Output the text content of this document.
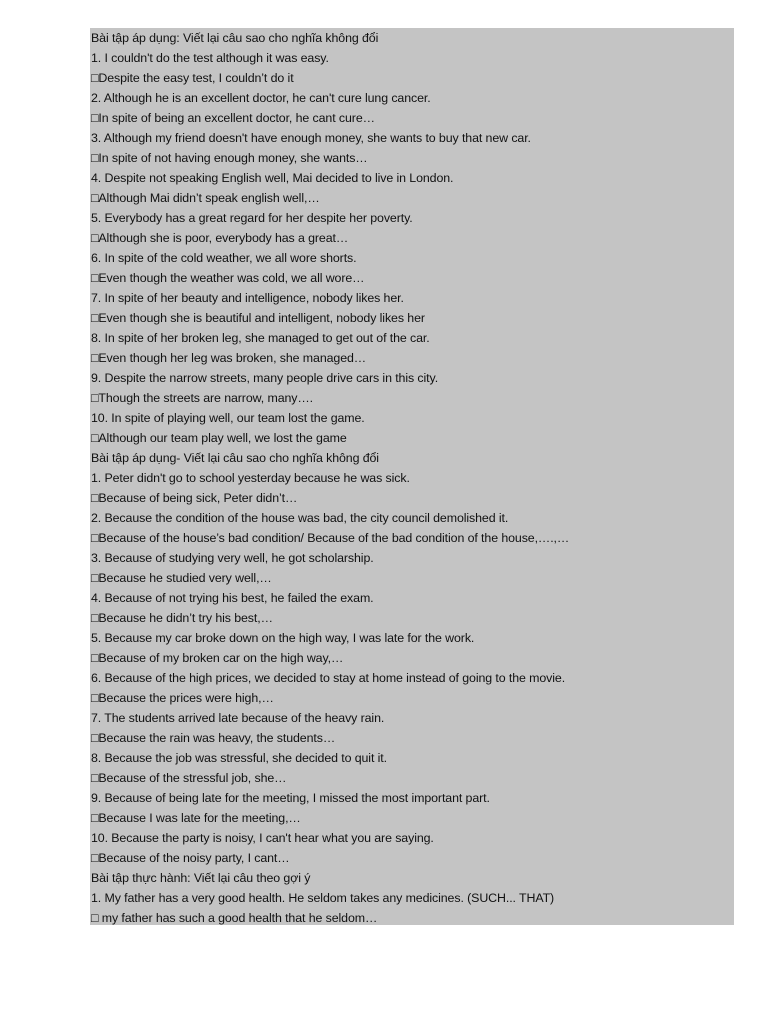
Bài tập áp dụng: Viết lại câu sao cho nghĩa không đổi
1. I couldn't do the test although it was easy.
□Despite the easy test, I couldn’t do it
2. Although he is an excellent doctor, he can't cure lung cancer.
□In spite of being an excellent doctor, he cant cure…
3. Although my friend doesn't have enough money, she wants to buy that new car.
□In spite of not having enough money, she wants…
4. Despite not speaking English well, Mai decided to live in London.
□Although Mai didn’t speak english well,…
5. Everybody has a great regard for her despite her poverty.
□Although she is poor, everybody has a great…
6. In spite of the cold weather, we all wore shorts.
□Even though the weather was cold, we all wore…
7. In spite of her beauty and intelligence, nobody likes her.
□Even though she is beautiful and intelligent, nobody likes her
8. In spite of her broken leg, she managed to get out of the car.
□Even though her leg was broken, she managed…
9. Despite the narrow streets, many people drive cars in this city.
□Though the streets are narrow, many….
10. In spite of playing well, our team lost the game.
□Although our team play well, we lost the game
Bài tập áp dụng- Viết lại câu sao cho nghĩa không đổi
1. Peter didn't go to school yesterday because he was sick.
□Because of being sick, Peter didn’t…
2. Because the condition of the house was bad, the city council demolished it.
□Because of the house’s bad condition/ Because of the bad condition of the house,….,…
3. Because of studying very well, he got scholarship.
□Because he studied very well,…
4. Because of not trying his best, he failed the exam.
□Because he didn’t try his best,…
5. Because my car broke down on the high way, I was late for the work.
□Because of my broken car on the high way,…
6. Because of the high prices, we decided to stay at home instead of going to the movie.
□Because the prices were high,…
7. The students arrived late because of the heavy rain.
□Because the rain was heavy, the students…
8. Because the job was stressful, she decided to quit it.
□Because of the stressful job, she…
9. Because of being late for the meeting, I missed the most important part.
□Because I was late for the meeting,…
10. Because the party is noisy, I can't hear what you are saying.
□Because of the noisy party, I cant…
Bài tập thực hành: Viết lại câu theo gợi ý
1. My father has a very good health. He seldom takes any medicines. (SUCH... THAT)
□ my father has such a good health that he seldom…
